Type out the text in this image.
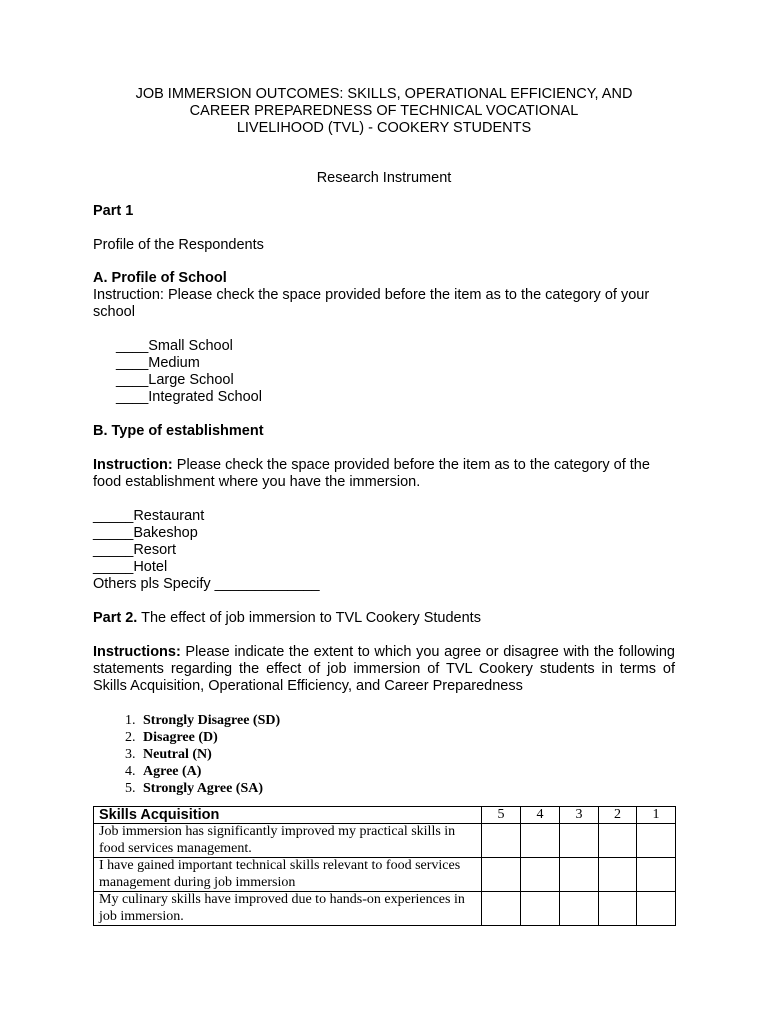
JOB IMMERSION OUTCOMES: SKILLS, OPERATIONAL EFFICIENCY, AND
CAREER PREPAREDNESS OF TECHNICAL VOCATIONAL
LIVELIHOOD (TVL) - COOKERY STUDENTS
Research Instrument
Part 1
Profile of the Respondents
A. Profile of School
Instruction: Please check the space provided before the item as to the category of your school
____Small School
____Medium
____Large School
____Integrated School
B. Type of establishment
Instruction: Please check the space provided before the item as to the category of the food establishment where you have the immersion.
_____Restaurant
_____Bakeshop
_____Resort
_____Hotel
Others pls Specify _____________
Part 2. The effect of job immersion to TVL Cookery Students
Instructions: Please indicate the extent to which you agree or disagree with the following statements regarding the effect of job immersion of TVL Cookery students in terms of Skills Acquisition, Operational Efficiency, and Career Preparedness
1. Strongly Disagree (SD)
2. Disagree (D)
3. Neutral (N)
4. Agree (A)
5. Strongly Agree (SA)
Skills Acquisition	5	4	3	2	1
Job immersion has significantly improved my practical skills in food services management.					
I have gained important technical skills relevant to food services management during job immersion					
My culinary skills have improved due to hands-on experiences in job immersion.					
